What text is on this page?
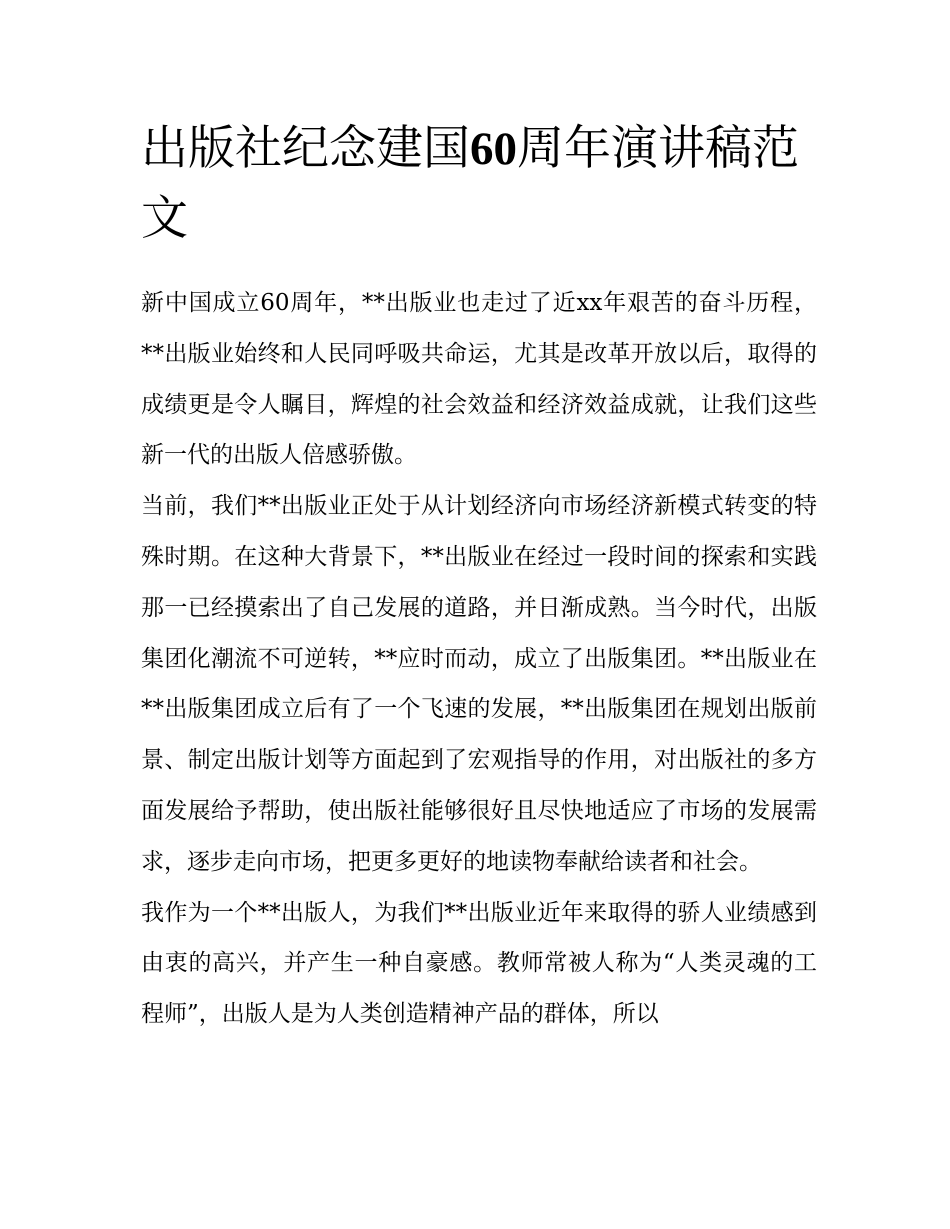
出版社纪念建国60周年演讲稿范文

新中国成立60周年，**出版业也走过了近xx年艰苦的奋斗历程，**出版业始终和人民同呼吸共命运，尤其是改革开放以后，取得的成绩更是令人瞩目，辉煌的社会效益和经济效益成就，让我们这些新一代的出版人倍感骄傲。

当前，我们**出版业正处于从计划经济向市场经济新模式转变的特殊时期。在这种大背景下，**出版业在经过一段时间的探索和实践那一已经摸索出了自己发展的道路，并日渐成熟。当今时代，出版集团化潮流不可逆转，**应时而动，成立了出版集团。**出版业在**出版集团成立后有了一个飞速的发展，**出版集团在规划出版前景、制定出版计划等方面起到了宏观指导的作用，对出版社的多方面发展给予帮助，使出版社能够很好且尽快地适应了市场的发展需求，逐步走向市场，把更多更好的地读物奉献给读者和社会。

我作为一个**出版人，为我们**出版业近年来取得的骄人业绩感到由衷的高兴，并产生一种自豪感。教师常被人称为“人类灵魂的工程师”，出版人是为人类创造精神产品的群体，所以
